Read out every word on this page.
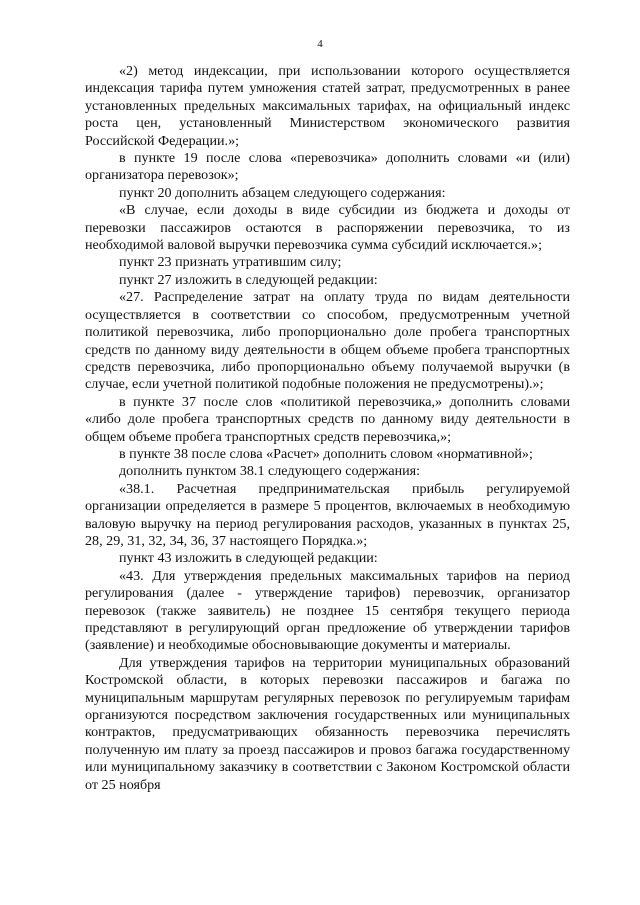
4

«2) метод индексации, при использовании которого осуществляется индексация тарифа путем умножения статей затрат, предусмотренных в ранее установленных предельных максимальных тарифах, на официальный индекс роста цен, установленный Министерством экономического развития Российской Федерации.»;

в пункте 19 после слова «перевозчика» дополнить словами «и (или) организатора перевозок»;

пункт 20 дополнить абзацем следующего содержания:

«В случае, если доходы в виде субсидии из бюджета и доходы от перевозки пассажиров остаются в распоряжении перевозчика, то из необходимой валовой выручки перевозчика сумма субсидий исключается.»;

пункт 23 признать утратившим силу;

пункт 27 изложить в следующей редакции:

«27. Распределение затрат на оплату труда по видам деятельности осуществляется в соответствии со способом, предусмотренным учетной политикой перевозчика, либо пропорционально доле пробега транспортных средств по данному виду деятельности в общем объеме пробега транспортных средств перевозчика, либо пропорционально объему получаемой выручки (в случае, если учетной политикой подобные положения не предусмотрены).»;

в пункте 37 после слов «политикой перевозчика,» дополнить словами «либо доле пробега транспортных средств по данному виду деятельности в общем объеме пробега транспортных средств перевозчика,»;

в пункте 38 после слова «Расчет» дополнить словом «нормативной»;

дополнить пунктом 38.1 следующего содержания:

«38.1. Расчетная предпринимательская прибыль регулируемой организации определяется в размере 5 процентов, включаемых в необходимую валовую выручку на период регулирования расходов, указанных в пунктах 25, 28, 29, 31, 32, 34, 36, 37 настоящего Порядка.»;

пункт 43 изложить в следующей редакции:

«43. Для утверждения предельных максимальных тарифов на период регулирования (далее - утверждение тарифов) перевозчик, организатор перевозок (также заявитель) не позднее 15 сентября текущего периода представляют в регулирующий орган предложение об утверждении тарифов (заявление) и необходимые обосновывающие документы и материалы.

Для утверждения тарифов на территории муниципальных образований Костромской области, в которых перевозки пассажиров и багажа по муниципальным маршрутам регулярных перевозок по регулируемым тарифам организуются посредством заключения государственных или муниципальных контрактов, предусматривающих обязанность перевозчика перечислять полученную им плату за проезд пассажиров и провоз багажа государственному или муниципальному заказчику в соответствии с Законом Костромской области от 25 ноября
